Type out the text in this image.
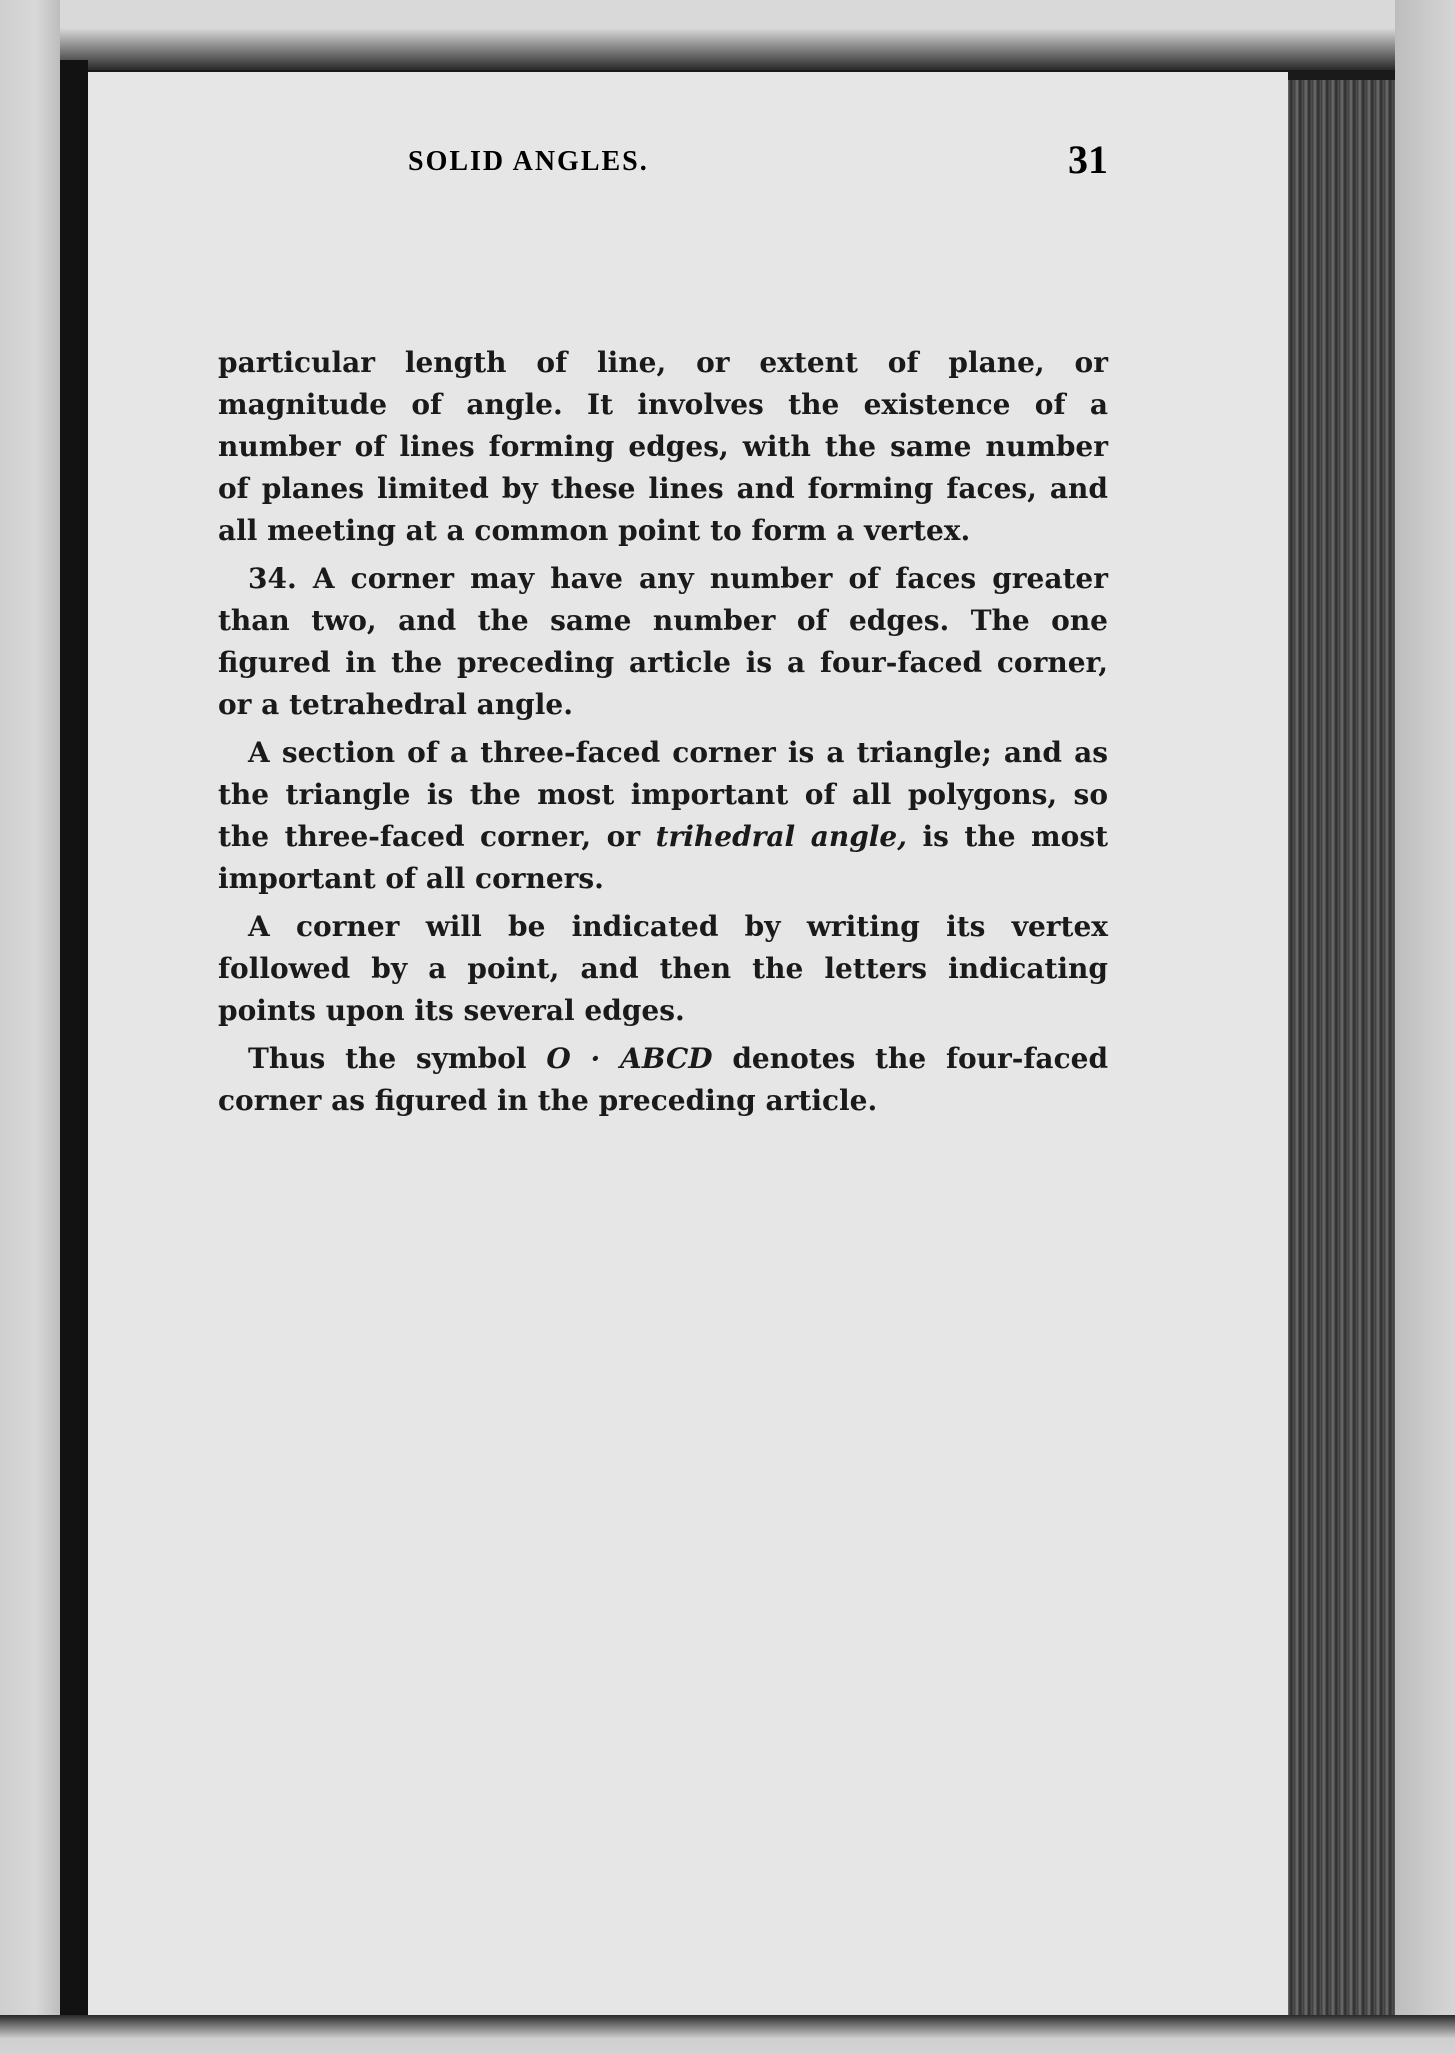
SOLID ANGLES.	31

particular length of line, or extent of plane, or magnitude of angle. It involves the existence of a number of lines forming edges, with the same number of planes limited by these lines and forming faces, and all meeting at a common point to form a vertex.

34. A corner may have any number of faces greater than two, and the same number of edges. The one figured in the preceding article is a four-faced corner, or a tetrahedral angle.

A section of a three-faced corner is a triangle; and as the triangle is the most important of all polygons, so the three-faced corner, or trihedral angle, is the most important of all corners.

A corner will be indicated by writing its vertex followed by a point, and then the letters indicating points upon its several edges.

Thus the symbol O · ABCD denotes the four-faced corner as figured in the preceding article.
